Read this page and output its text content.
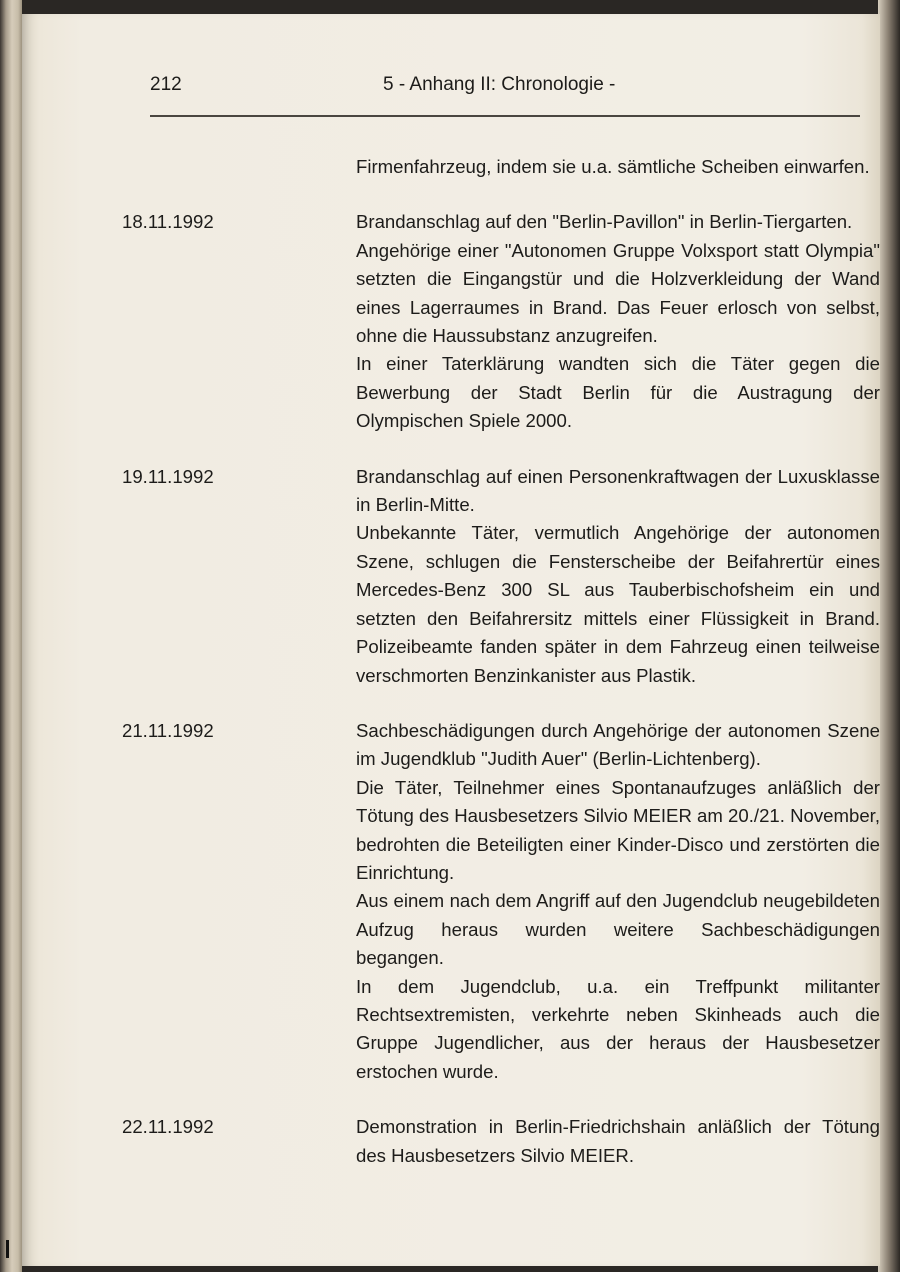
212	5 - Anhang II: Chronologie -

Firmenfahrzeug, indem sie u.a. sämtliche Scheiben einwarfen.

18.11.1992	Brandanschlag auf den "Berlin-Pavillon" in Berlin-Tiergarten.

Angehörige einer "Autonomen Gruppe Volxsport statt Olympia" setzten die Eingangstür und die Holzverkleidung der Wand eines Lagerraumes in Brand. Das Feuer erlosch von selbst, ohne die Haussubstanz anzugreifen.

In einer Taterklärung wandten sich die Täter gegen die Bewerbung der Stadt Berlin für die Austragung der Olympischen Spiele 2000.

19.11.1992	Brandanschlag auf einen Personenkraftwagen der Luxusklasse in Berlin-Mitte.

Unbekannte Täter, vermutlich Angehörige der autonomen Szene, schlugen die Fensterscheibe der Beifahrertür eines Mercedes-Benz 300 SL aus Tauberbischofsheim ein und setzten den Beifahrersitz mittels einer Flüssigkeit in Brand. Polizeibeamte fanden später in dem Fahrzeug einen teilweise verschmorten Benzinkanister aus Plastik.

21.11.1992	Sachbeschädigungen durch Angehörige der autonomen Szene im Jugendklub "Judith Auer" (Berlin-Lichtenberg).

Die Täter, Teilnehmer eines Spontanaufzuges anläßlich der Tötung des Hausbesetzers Silvio MEIER am 20./21. November, bedrohten die Beteiligten einer Kinder-Disco und zerstörten die Einrichtung.

Aus einem nach dem Angriff auf den Jugendclub neugebildeten Aufzug heraus wurden weitere Sachbeschädigungen begangen.

In dem Jugendclub, u.a. ein Treffpunkt militanter Rechtsextremisten, verkehrte neben Skinheads auch die Gruppe Jugendlicher, aus der heraus der Hausbesetzer erstochen wurde.

22.11.1992	Demonstration in Berlin-Friedrichshain anläßlich der Tötung des Hausbesetzers Silvio MEIER.
